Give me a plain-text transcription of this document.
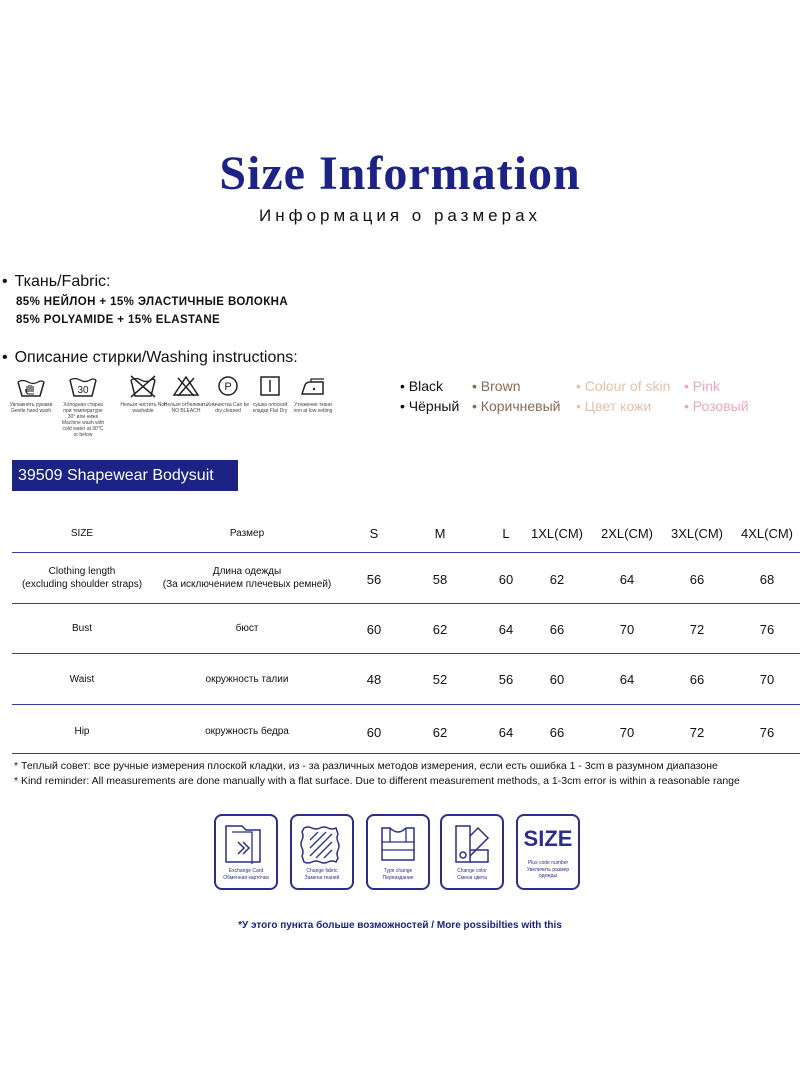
Size Information
Информация о размерах
• Ткань/Fabric:
85% НЕЙЛОН + 15% ЭЛАСТИЧНЫЕ ВОЛОКНА
85% POLYAMIDE + 15% ELASTANE
• Описание стирки/Washing instructions:
Увлажнять руками Gentle hand wash
30
Холодная стирка при температуре 30° или ниже Machine wash with cold water at 30°C or below
Нельзя чистить Not washable
Нельзя отбеливать NO BLEACH
P
Химчистка Can be dry cleaned
сушка плоской кладки Flat Dry
Утюжение ткани iron at low setting
• Black • Brown	• Colour of skin • Pink
• Чёрный • Коричневый • Цвет кожи • Розовый
39509 Shapewear Bodysuit
SIZE	Размер	S	M	L	1XL(CM)	2XL(CM)	3XL(CM)	4XL(CM)
Clothing length
(excluding shoulder straps)
Длина одежды
(За исключением плечевых ремней)	56	58	60	62	64	66	68
Bust	бюст	60	62	64	66	70	72	76
Waist	окружность талии	48	52	56	60	64	66	70
Hip	окружность бедра	60	62	64	66	70	72	76
* Теплый совет: все ручные измерения плоской кладки, из - за различных методов измерения, если есть ошибка 1 - 3cm в разумном диапазоне
* Kind reminder: All measurements are done manually with a flat surface. Due to different measurement methods, a 1-3cm error is within a reasonable range
Exchange Card
Обменная карточка
Change fabric
Замена тканей
Type change
Переиздание
Change color
Смена цвета
SIZE
Plus code number
Увеличить размер одежды
*У этого пункта больше возможностей / More possibilties with this
